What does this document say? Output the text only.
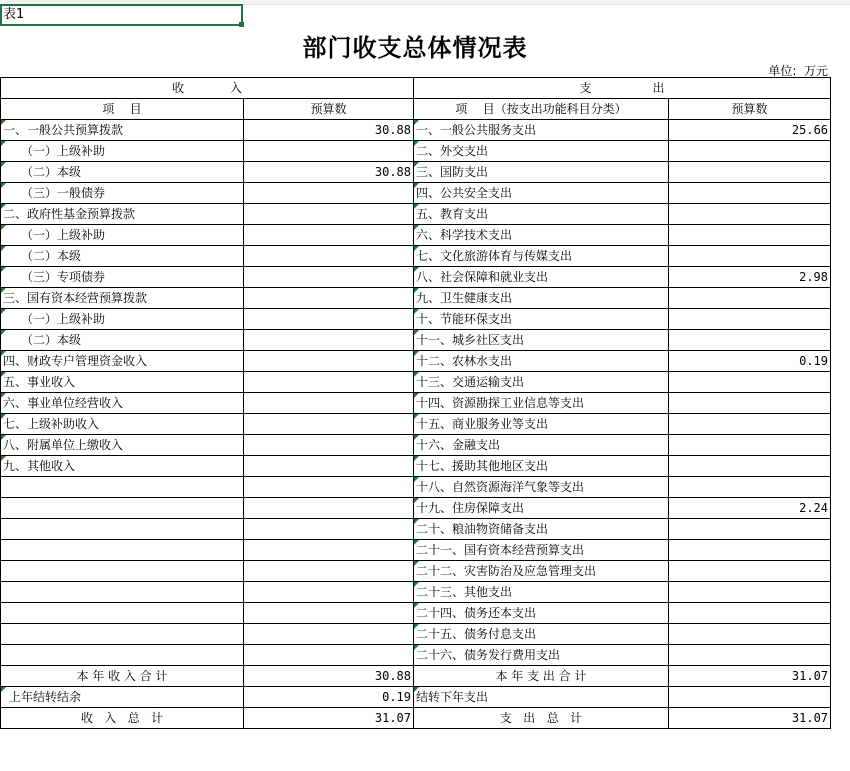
表1
部门收支总体情况表
单位:  万元
收            入		支                出	
项    目	预算数	项    目（按支出功能科目分类）	预算数
一、一般公共预算拨款	30.88	一、一般公共服务支出	25.66
（一）上级补助		二、外交支出	
（二）本级	30.88	三、国防支出	
（三）一般债券		四、公共安全支出	
二、政府性基金预算拨款		五、教育支出	
（一）上级补助		六、科学技术支出	
（二）本级		七、文化旅游体育与传媒支出	
（三）专项债券		八、社会保障和就业支出	2.98
三、国有资本经营预算拨款		九、卫生健康支出	
（一）上级补助		十、节能环保支出	
（二）本级		十一、城乡社区支出	
四、财政专户管理资金收入		十二、农林水支出	0.19
五、事业收入		十三、交通运输支出	
六、事业单位经营收入		十四、资源勘探工业信息等支出	
七、上级补助收入		十五、商业服务业等支出	
八、附属单位上缴收入		十六、金融支出	
九、其他收入		十七、援助其他地区支出	
		十八、自然资源海洋气象等支出	
		十九、住房保障支出	2.24
		二十、粮油物资储备支出	
		二十一、国有资本经营预算支出	
		二十二、灾害防治及应急管理支出	
		二十三、其他支出	
		二十四、债务还本支出	
		二十五、债务付息支出	
		二十六、债务发行费用支出	
本 年 收 入 合 计	30.88	本 年 支 出 合 计	31.07
上年结转结余	0.19	结转下年支出	
收   入   总   计	31.07	支   出   总   计	31.07
